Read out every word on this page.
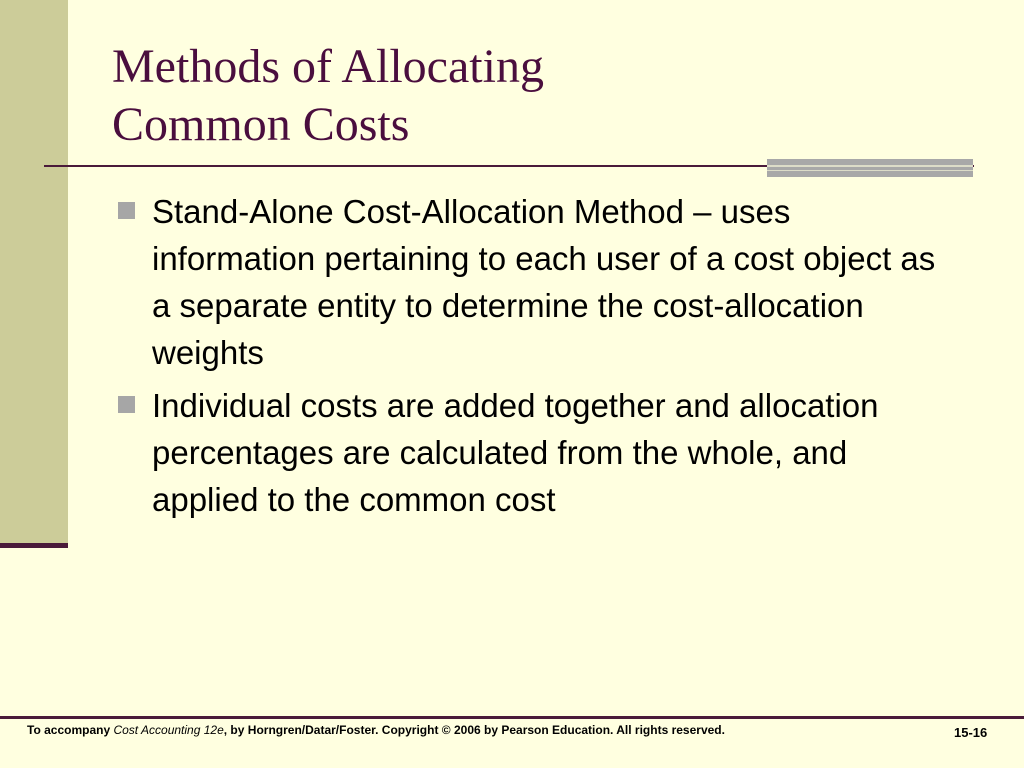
Methods of Allocating
Common Costs
Stand-Alone Cost-Allocation Method – uses information pertaining to each user of a cost object as a separate entity to determine the cost-allocation weights
Individual costs are added together and allocation percentages are calculated from the whole, and applied to the common cost
To accompany Cost Accounting 12e, by Horngren/Datar/Foster. Copyright © 2006 by Pearson Education. All rights reserved.	15-16
